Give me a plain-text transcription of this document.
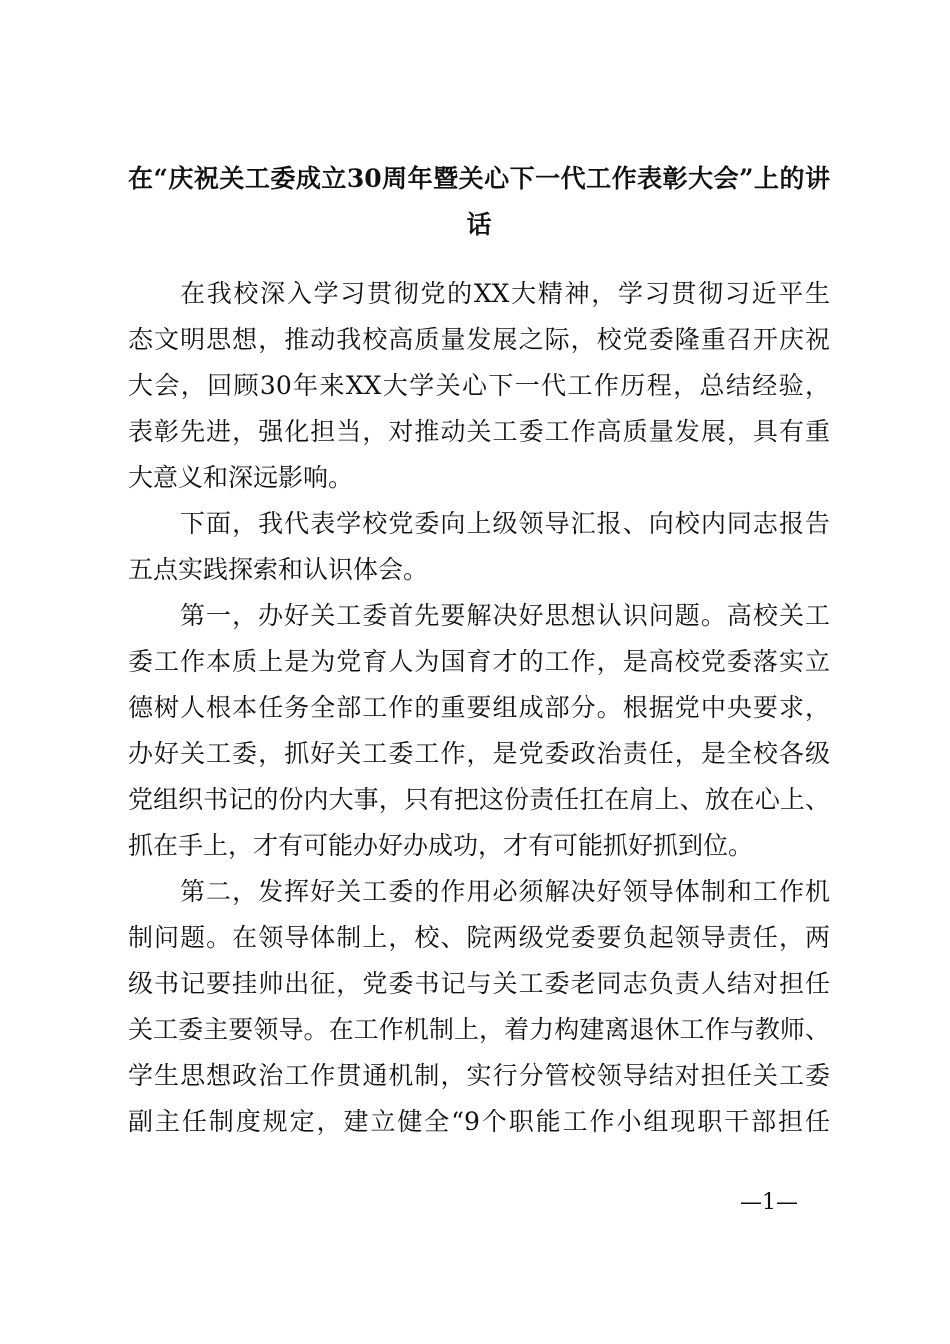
在“庆祝关工委成立30周年暨关心下一代工作表彰大会”上的讲
话
在我校深入学习贯彻党的XX大精神，学习贯彻习近平生
态文明思想，推动我校高质量发展之际，校党委隆重召开庆祝
大会，回顾30年来XX大学关心下一代工作历程，总结经验，
表彰先进，强化担当，对推动关工委工作高质量发展，具有重
大意义和深远影响。
下面，我代表学校党委向上级领导汇报、向校内同志报告
五点实践探索和认识体会。
第一，办好关工委首先要解决好思想认识问题。高校关工
委工作本质上是为党育人为国育才的工作，是高校党委落实立
德树人根本任务全部工作的重要组成部分。根据党中央要求，
办好关工委，抓好关工委工作，是党委政治责任，是全校各级
党组织书记的份内大事，只有把这份责任扛在肩上、放在心上、
抓在手上，才有可能办好办成功，才有可能抓好抓到位。
第二，发挥好关工委的作用必须解决好领导体制和工作机
制问题。在领导体制上，校、院两级党委要负起领导责任，两
级书记要挂帅出征，党委书记与关工委老同志负责人结对担任
关工委主要领导。在工作机制上，着力构建离退休工作与教师、
学生思想政治工作贯通机制，实行分管校领导结对担任关工委
副主任制度规定，建立健全“9个职能工作小组现职干部担任
—1—
